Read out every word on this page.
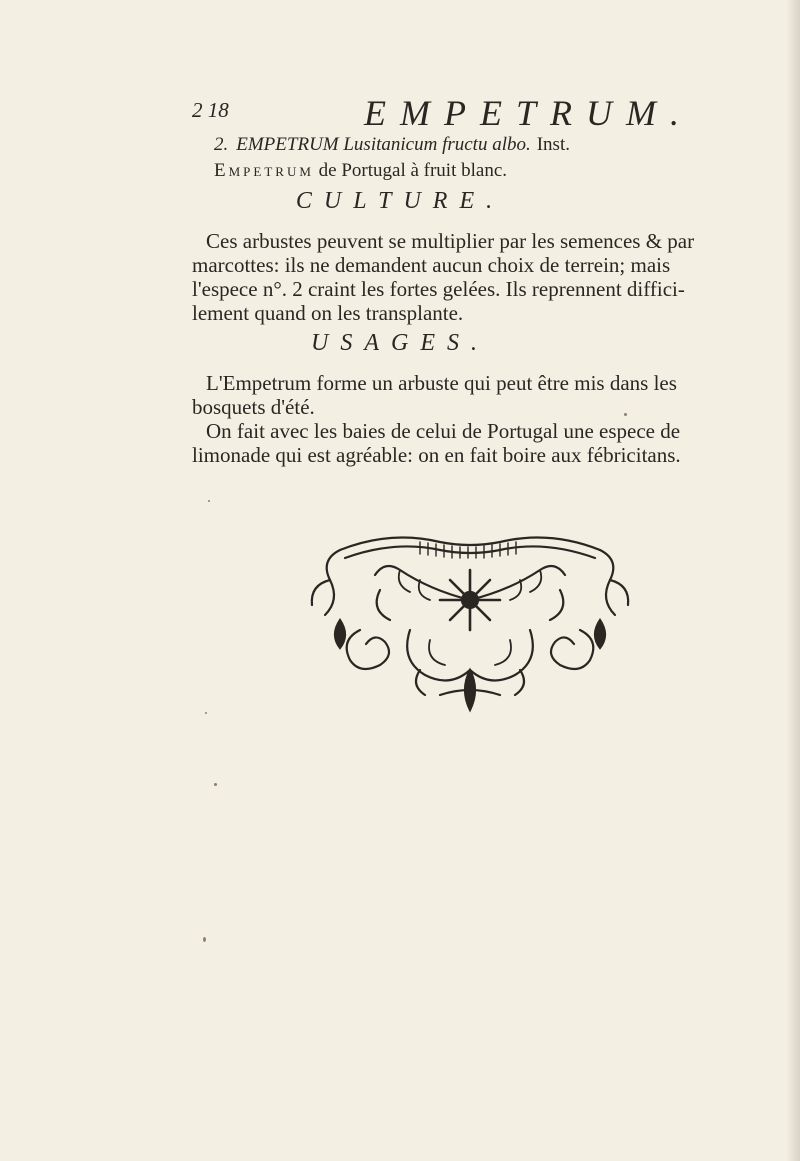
2 18	EMPETRUM.
2. EMPETRUM Lusitanicum fructu albo. Inst.
Empetrum de Portugal à fruit blanc.
CULTURE.
Ces arbustes peuvent se multiplier par les semences & par
marcottes: ils ne demandent aucun choix de terrein; mais
l'espece n°. 2 craint les fortes gelées. Ils reprennent diffici-
lement quand on les transplante.
USAGES.
L'Empetrum forme un arbuste qui peut être mis dans les
bosquets d'été.
On fait avec les baies de celui de Portugal une espece de
limonade qui est agréable: on en fait boire aux fébricitans.
